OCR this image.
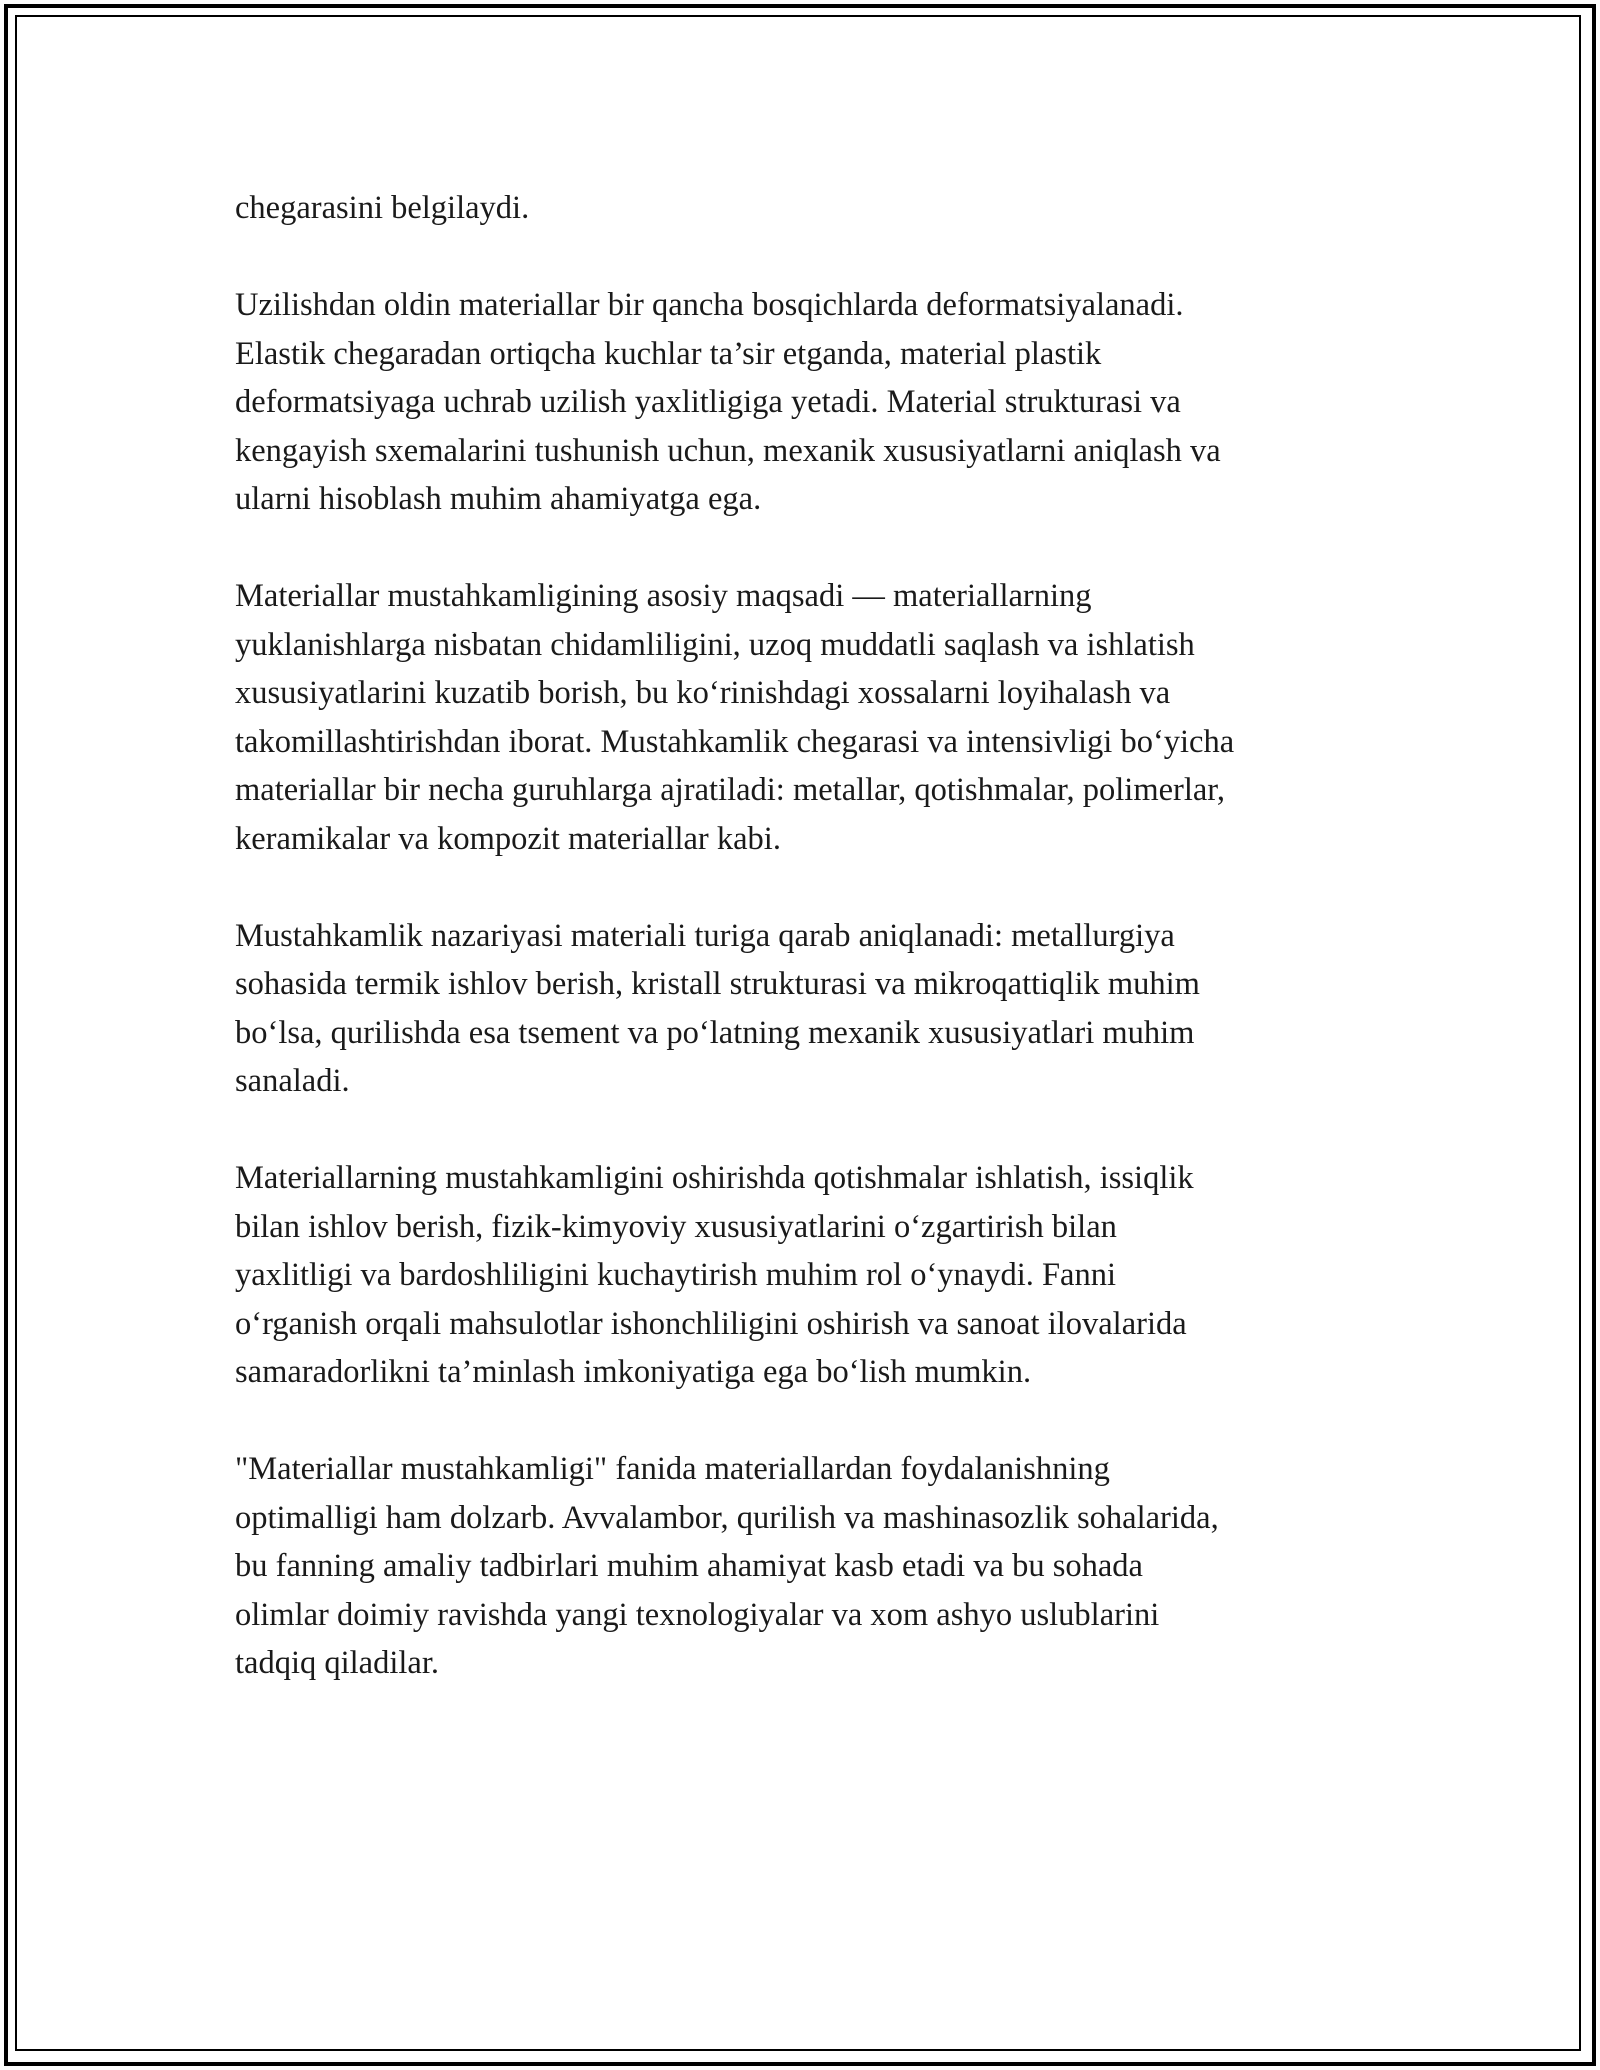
chegarasini belgilaydi.

Uzilishdan oldin materiallar bir qancha bosqichlarda deformatsiyalanadi.
Elastik chegaradan ortiqcha kuchlar ta’sir etganda, material plastik
deformatsiyaga uchrab uzilish yaxlitligiga yetadi. Material strukturasi va
kengayish sxemalarini tushunish uchun, mexanik xususiyatlarni aniqlash va
ularni hisoblash muhim ahamiyatga ega.

Materiallar mustahkamligining asosiy maqsadi — materiallarning
yuklanishlarga nisbatan chidamliligini, uzoq muddatli saqlash va ishlatish
xususiyatlarini kuzatib borish, bu koʻrinishdagi xossalarni loyihalash va
takomillashtirishdan iborat. Mustahkamlik chegarasi va intensivligi boʻyicha
materiallar bir necha guruhlarga ajratiladi: metallar, qotishmalar, polimerlar,
keramikalar va kompozit materiallar kabi.

Mustahkamlik nazariyasi materiali turiga qarab aniqlanadi: metallurgiya
sohasida termik ishlov berish, kristall strukturasi va mikroqattiqlik muhim
boʻlsa, qurilishda esa tsement va poʻlatning mexanik xususiyatlari muhim
sanaladi.

Materiallarning mustahkamligini oshirishda qotishmalar ishlatish, issiqlik
bilan ishlov berish, fizik-kimyoviy xususiyatlarini oʻzgartirish bilan
yaxlitligi va bardoshliligini kuchaytirish muhim rol oʻynaydi. Fanni
oʻrganish orqali mahsulotlar ishonchliligini oshirish va sanoat ilovalarida
samaradorlikni ta’minlash imkoniyatiga ega boʻlish mumkin.

"Materiallar mustahkamligi" fanida materiallardan foydalanishning
optimalligi ham dolzarb. Avvalambor, qurilish va mashinasozlik sohalarida,
bu fanning amaliy tadbirlari muhim ahamiyat kasb etadi va bu sohada
olimlar doimiy ravishda yangi texnologiyalar va xom ashyo uslublarini
tadqiq qiladilar.
